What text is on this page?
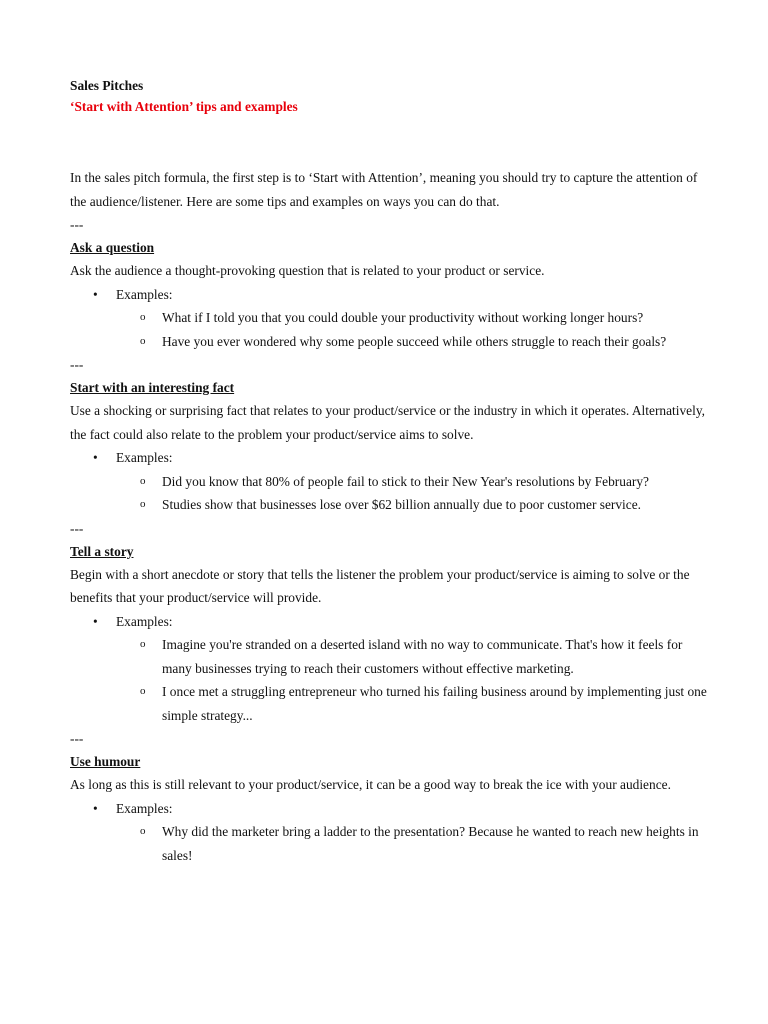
Sales Pitches

‘Start with Attention’ tips and examples

In the sales pitch formula, the first step is to ‘Start with Attention’, meaning you should try to capture the attention of the audience/listener. Here are some tips and examples on ways you can do that.

---

Ask a question

Ask the audience a thought-provoking question that is related to your product or service.

• Examples:
o What if I told you that you could double your productivity without working longer hours?
o Have you ever wondered why some people succeed while others struggle to reach their goals?

---

Start with an interesting fact

Use a shocking or surprising fact that relates to your product/service or the industry in which it operates. Alternatively, the fact could also relate to the problem your product/service aims to solve.

• Examples:
o Did you know that 80% of people fail to stick to their New Year's resolutions by February?
o Studies show that businesses lose over $62 billion annually due to poor customer service.

---

Tell a story

Begin with a short anecdote or story that tells the listener the problem your product/service is aiming to solve or the benefits that your product/service will provide.

• Examples:
o Imagine you're stranded on a deserted island with no way to communicate. That's how it feels for many businesses trying to reach their customers without effective marketing.
o I once met a struggling entrepreneur who turned his failing business around by implementing just one simple strategy...

---

Use humour

As long as this is still relevant to your product/service, it can be a good way to break the ice with your audience.

• Examples:
o Why did the marketer bring a ladder to the presentation? Because he wanted to reach new heights in sales!
